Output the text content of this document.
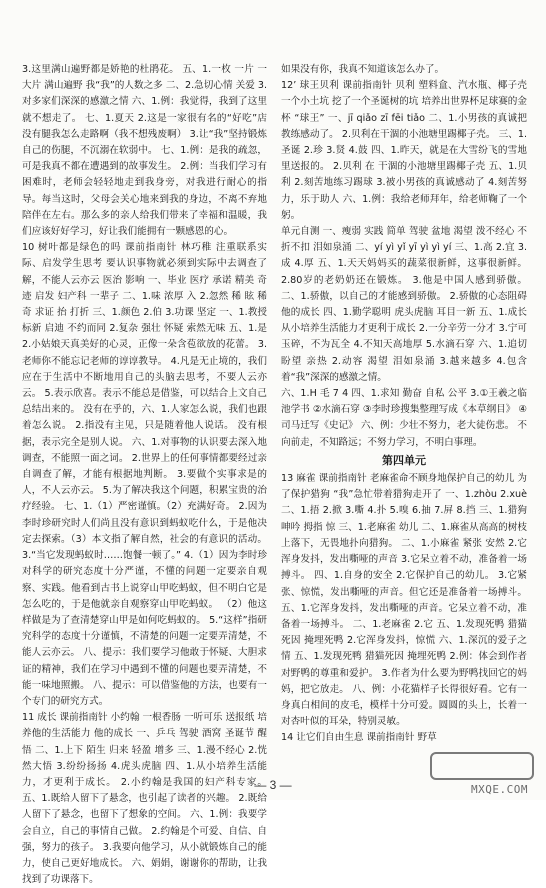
3.这里满山遍野都是娇艳的杜鹃花。 五、1.一枚 一片 一大片 满山遍野 我“我”的人数之多 二、2.急切心情 关爱 3.对多家们深深的感激之情 六、1.例：我觉得，我到了这里就不想走了。 七、1.夏天 2.这是一家很有名的“好吃”店 没有腿我怎么走路啊（我不想残废啊） 3.让“我”坚持锻炼自己的伤腿，不沉溺在软弱中。 七、1.例：是我的疏忽，可是我真不都在遭遇到的故事发生。 2.例：当我们学习有困难时，老师会轻轻地走到我身旁，对我进行耐心的指导。每当这时，父母会关心地来到我的身边，不离不弃地陪伴在左右。那么多的亲人给我们带来了幸福和温暖，我们应该好好学习，好让我们能拥有一颗感恩的心。

10 树叶都是绿色的吗 课前指南针 林巧稚 注重联系实际、启发学生思考 要认识事物就必须到实际中去调查了解，不能人云亦云 医治 影响 一、毕业 医疗 承诺 精美 奇迹 启发 妇产科 一辈子 二、1.味 浓厚 入 2.忽然 稀 眩 稀奇 求证 抬 打折 三、1.颜色 2.伯 3.功课 坚定 一、1.教授 标新 启迪 不约而同 2.复杂 强壮 怀疑 索然无味 五、1.是 2.小姑娘天真美好的心灵，正像一朵含苞欲放的花蕾。 3.老师你不能忘记老师的谆谆教导。 4.凡是无止境的，我们应在于生活中不断地用自己的头脑去思考，不要人云亦云。 5.表示欣喜。表示不能总是借鉴，可以结合上文自己总结出来的。 没有在乎的，六、1.人家怎么说，我们也跟着怎么说。 2.指没有主见，只是随着他人说话。 没有根据，表示完全是别人说。 六、1.对事物的认识要去深入地调查，不能照一面之词。 2.世界上的任何事情都要经过亲自调查了解，才能有根据地判断。 3.要做个实事求是的人，不人云亦云。 5.为了解决我这个问题，积累宝贵的治疗经验。 七、1.（1）严密谨慎。（2）充满好奇。 2.因为李时珍研究时人们尚且没有意识到蚂蚁吃什么，于是他决定去探索。（3）本文指了解自然，社会的有意识的活动。 3.“当它发现蚂蚁时……饱餐一顿了。” 4.（1）因为李时珍对科学的研究态度十分严谨，不懂的问题一定要亲自观察、实践。他看到古书上说穿山甲吃蚂蚁，但不明白它是怎么吃的，于是他就亲自观察穿山甲吃蚂蚁。 （2）他这样做是为了查清楚穿山甲是如何吃蚂蚁的。 5.“这样”指研究科学的态度十分谨慎，不清楚的问题一定要弄清楚，不能人云亦云。 八、提示：我们要学习他敢于怀疑、大胆求证的精神，我们在学习中遇到不懂的问题也要弄清楚，不能一味地照搬。 八、提示：可以借鉴他的方法，也要有一个专门的研究方式。

11 成长 课前指南针 小约翰 一根香肠 一听可乐 送报纸 培养他的生活能力 他的成长 一、乒乓 驾驶 酒窝 圣诞节 醒悟 二、1.上下 陌生 归来 轻盈 增多 三、1.漫不经心 2.恍然大悟 3.纷纷扬扬 4.虎头虎脑 四、1.从小培养生活能力，才更利于成长。 2.小约翰是我国的妇产科专家。 五、1.既给人留下了悬念，也引起了读者的兴趣。 2.既给人留下了悬念，也留下了想象的空间。 六、1.例：我要学会自立，自己的事情自己做。 2.约翰是个可爱、自信、自强，努力的孩子。 3.我要向他学习，从小就锻炼自己的能力，使自己更好地成长。 六、娟娟，谢谢你的帮助，让我找到了功课落下。

如果没有你，我真不知道该怎么办了。

12’ 球王贝利 课前指南针 贝利 塑料盒、汽水瓶、椰子壳 一个小土坑 挖了一个圣诞树的坑 培养出世界杯足球赛的金杯 “球王” 一、jī qiǎo zī fēi tiǎo 二、1.小男孩的真诚把教练感动了。 2.贝利在干涸的小池塘里踢椰子壳。 三、1.圣诞 2.珍 3.贤 4.鼓 四、1.昨天，就是在大雪纷飞的雪地里送报的。 2.贝利 在 干涸的小池塘里踢椰子壳 五、1.贝利 2.刻苦地练习踢球 3.被小男孩的真诚感动了 4.刻苦努力，乐于助人 六、1.例：我给老师拜年，给老师鞠了一个躬。

单元自测 一、瘦弱 实践 简单 驾驶 盆地 渴望 泼不经心 不折不扣 泪如泉涌 二、yí yì yǐ yī yì yì yí 三、1.高 2.宜 3.成 4.厚 五、1.天天妈妈买的蔬菜很新鲜，这事很新鲜。 2.80岁的老奶奶还在锻炼。 3.他是中国人感到骄傲。 二、1.骄傲，以自己的才能感到骄傲。 2.骄傲的心态阻碍他的成长 四、1.勤学聪明 虎头虎脑 耳目一新 五、1.成长 从小培养生活能力才更利于成长 2.一分辛劳一分才 3.宁可玉碎，不为瓦全 4.不知天高地厚 5.水滴石穿 六、1.追切 盼望 亲热 2.动容 渴望 泪如泉涌 3.越来越多 4.包含着“我”深深的感激之情。

六、1.H 毛 7 4 四、1.求知 勤奋 自私 公平 3.①王羲之临池学书 ②水滴石穿 ③李时珍搜集整理写成《本草纲目》 ④司马迁写《史记》 六、例：少壮不努力，老大徒伤悲。 不向前走，不知路远；不努力学习，不明白事理。

第四单元

13 麻雀 课前指南针 老麻雀命不顾身地保护自己的幼儿 为了保护猎狗 “我”急忙带着猎狗走开了 一、1.zhòu 2.xuè 二、1.捂 2.掀 3.嘶 4.扑 5.嗅 6.抽 7.屏 8.挡 三、1.猎狗 呻吟 拇指 惊 三、1.老麻雀 幼儿 二、1.麻雀从高高的树枝上落下，无畏地扑向猎狗。 二、1.小麻雀 紧张 安然 2.它浑身发抖，发出嘶哑的声音 3.它呆立着不动，准备着一场搏斗。 四、1.自身的安全 2.它保护自己的幼儿。 3.它紧张、惊慌，发出嘶哑的声音。但它还是准备着一场搏斗。 五、1.它浑身发抖，发出嘶哑的声音。它呆立着不动，准备着一场搏斗。 二、1.老麻雀 2.它 五、1.发现死鸭 猎猫死因 掩埋死鸭 2.它浑身发抖，惊慌 六、1.深沉的爱子之情 五、1.发现死鸭 猎猫死因 掩埋死鸭 2.例：体会到作者对野鸭的尊重和爱护。 3.作者为什么要为野鸭找回它的妈妈，把它放走。 八、例：小花猫样子长得很好看。它有一身真白相间的皮毛，模样十分可爱。圆圆的头上，长着一对杏叶似的耳朵，特别灵敏。

14 让它们自由生息 课前指南针 野草

— 3 —	MXQE.COM
